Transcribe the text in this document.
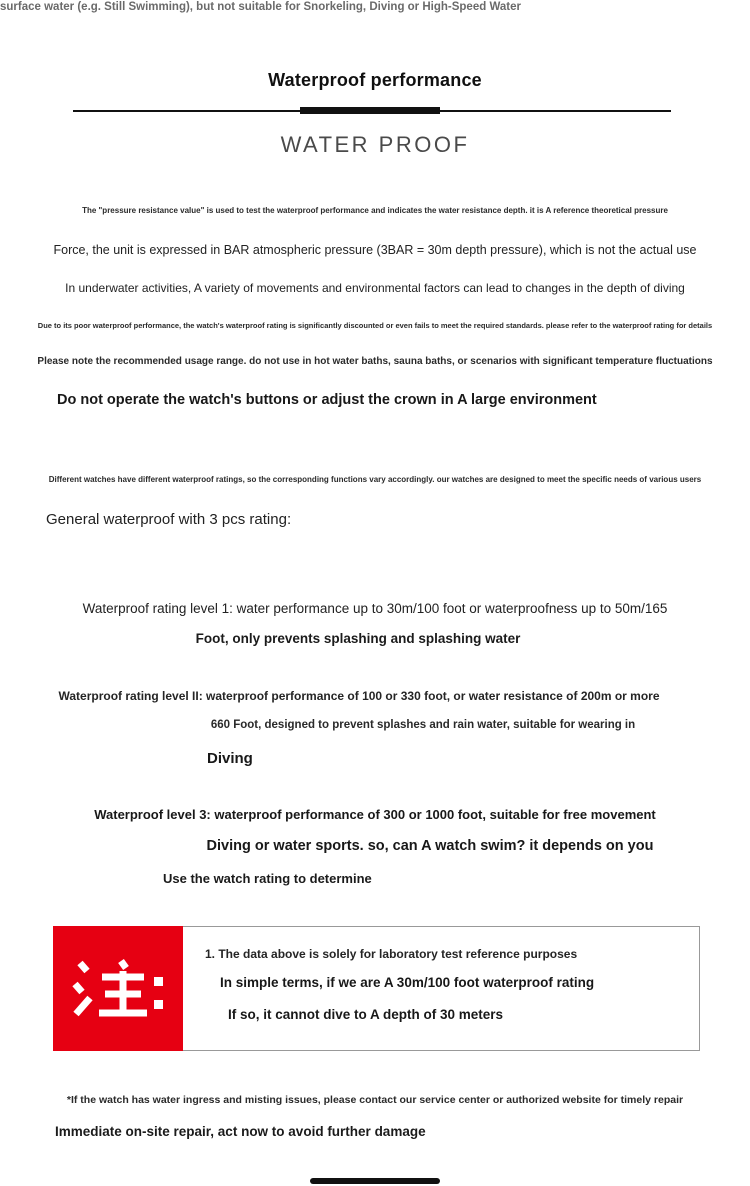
Waterproof performance
WATER PROOF
The "pressure resistance value" is used to test the waterproof performance and indicates the water resistance depth. it is A reference theoretical pressure
Force, the unit is expressed in BAR atmospheric pressure (3BAR = 30m depth pressure), which is not the actual use
In underwater activities, A variety of movements and environmental factors can lead to changes in the depth of diving
Due to its poor waterproof performance, the watch's waterproof rating is significantly discounted or even fails to meet the required standards. please refer to the waterproof rating for details
Please note the recommended usage range. do not use in hot water baths, sauna baths, or scenarios with significant temperature fluctuations
Do not operate the watch's buttons or adjust the crown in A large environment
Different watches have different waterproof ratings, so the corresponding functions vary accordingly. our watches are designed to meet the specific needs of various users
General waterproof with 3 pcs rating:
Waterproof rating level 1: water performance up to 30m/100 foot or waterproofness up to 50m/165
Foot, only prevents splashing and splashing water
Waterproof rating level II: waterproof performance of 100 or 330 foot, or water resistance of 200m or more
660 Foot, designed to prevent splashes and rain water, suitable for wearing in
surface water (e.g. Still Swimming), but not suitable for Snorkeling, Diving or High-Speed Water
Diving
Waterproof level 3: waterproof performance of 300 or 1000 foot, suitable for free movement
Diving or water sports. so, can A watch swim? it depends on you
Use the watch rating to determine
1. The data above is solely for laboratory test reference purposes
In simple terms, if we are A 30m/100 foot waterproof rating
If so, it cannot dive to A depth of 30 meters
*If the watch has water ingress and misting issues, please contact our service center or authorized website for timely repair
Immediate on-site repair, act now to avoid further damage
